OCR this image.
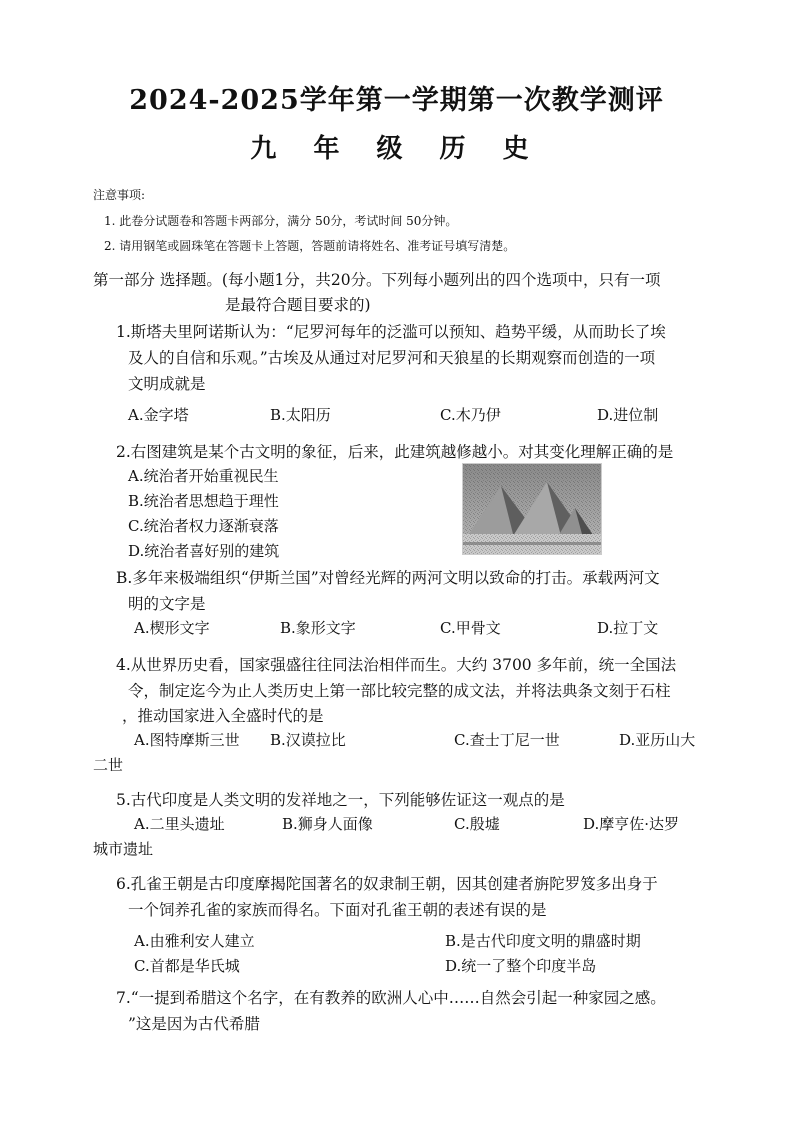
2024-2025学年第一学期第一次教学测评
九 年 级 历 史
注意事项:
1. 此卷分试题卷和答题卡两部分，满分 50分，考试时间 50分钟。
2. 请用钢笔或圆珠笔在答题卡上答题，答题前请将姓名、准考证号填写清楚。
第一部分 选择题。(每小题1分，共20分。下列每小题列出的四个选项中，只有一项
是最符合题目要求的)
1.斯塔夫里阿诺斯认为：“尼罗河每年的泛滥可以预知、趋势平缓，从而助长了埃
及人的自信和乐观。”古埃及从通过对尼罗河和天狼星的长期观察而创造的一项
文明成就是
A.金字塔	B.太阳历	C.木乃伊	D.进位制
2.右图建筑是某个古文明的象征，后来，此建筑越修越小。对其变化理解正确的是
A.统治者开始重视民生
B.统治者思想趋于理性
C.统治者权力逐渐衰落
D.统治者喜好别的建筑
B.多年来极端组织“伊斯兰国”对曾经光辉的两河文明以致命的打击。承载两河文
明的文字是
A.楔形文字	B.象形文字	C.甲骨文	D.拉丁文
4.从世界历史看，国家强盛往往同法治相伴而生。大约 3700 多年前，统一全国法
令，制定迄今为止人类历史上第一部比较完整的成文法，并将法典条文刻于石柱
，推动国家进入全盛时代的是
A.图特摩斯三世 B.汉谟拉比	C.查士丁尼一世	D.亚历山大
二世
5.古代印度是人类文明的发祥地之一，下列能够佐证这一观点的是
A.二里头遗址	B.狮身人面像	C.殷墟	D.摩亨佐·达罗
城市遗址
6.孔雀王朝是古印度摩揭陀国著名的奴隶制王朝，因其创建者旃陀罗笈多出身于
一个饲养孔雀的家族而得名。下面对孔雀王朝的表述有误的是
A.由雅利安人建立	B.是古代印度文明的鼎盛时期
C.首都是华氏城	D.统一了整个印度半岛
7.“一提到希腊这个名字，在有教养的欧洲人心中……自然会引起一种家园之感。
”这是因为古代希腊
